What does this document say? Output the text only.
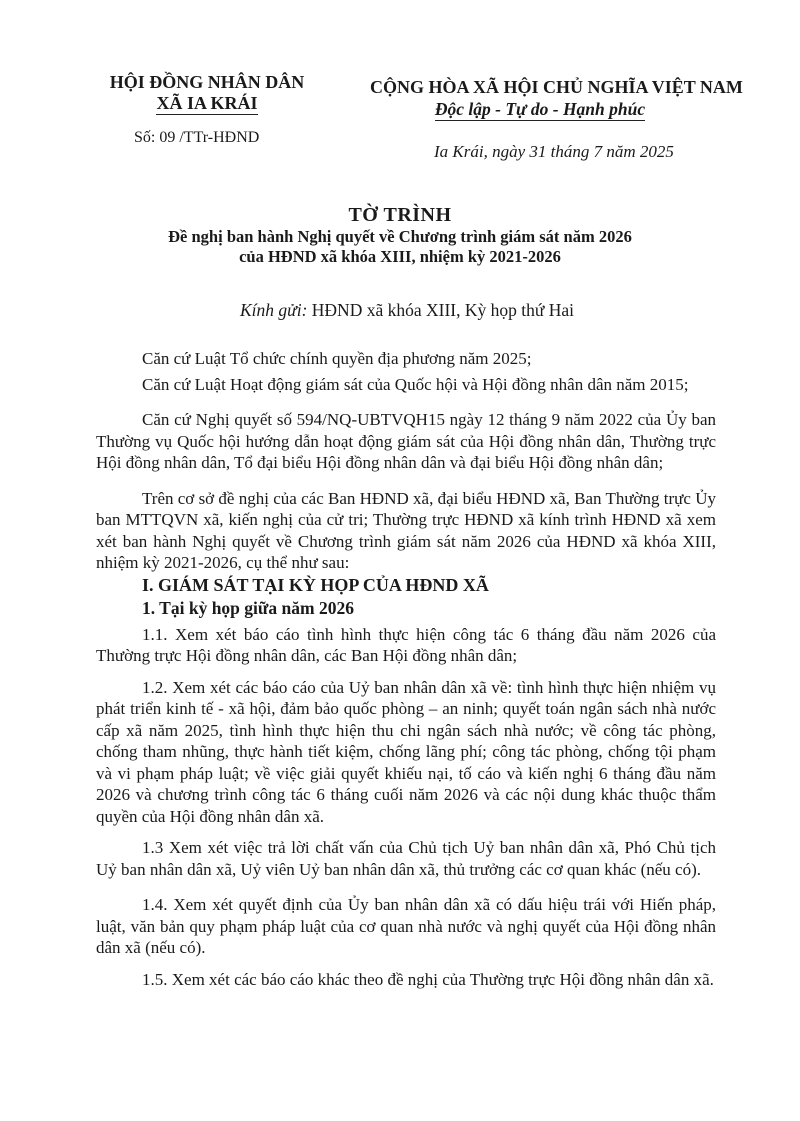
HỘI ĐỒNG NHÂN DÂN
XÃ IA KRÁI
Số: 09 /TTr-HĐND
CỘNG HÒA XÃ HỘI CHỦ NGHĨA VIỆT NAM
Độc lập - Tự do - Hạnh phúc
Ia Krái, ngày 31 tháng 7 năm 2025
TỜ TRÌNH
Đề nghị ban hành Nghị quyết về Chương trình giám sát năm 2026
của HĐND xã khóa XIII, nhiệm kỳ 2021-2026
Kính gửi: HĐND xã khóa XIII, Kỳ họp thứ Hai

Căn cứ Luật Tổ chức chính quyền địa phương năm 2025;

Căn cứ Luật Hoạt động giám sát của Quốc hội và Hội đồng nhân dân năm 2015;

Căn cứ Nghị quyết số 594/NQ-UBTVQH15 ngày 12 tháng 9 năm 2022 của Ủy ban Thường vụ Quốc hội hướng dẫn hoạt động giám sát của Hội đồng nhân dân, Thường trực Hội đồng nhân dân, Tổ đại biểu Hội đồng nhân dân và đại biểu Hội đồng nhân dân;

Trên cơ sở đề nghị của các Ban HĐND xã, đại biểu HĐND xã, Ban Thường trực Ủy ban MTTQVN xã, kiến nghị của cử tri; Thường trực HĐND xã kính trình HĐND xã xem xét ban hành Nghị quyết về Chương trình giám sát năm 2026 của HĐND xã khóa XIII, nhiệm kỳ 2021-2026, cụ thể như sau:

I. GIÁM SÁT TẠI KỲ HỌP CỦA HĐND XÃ

1. Tại kỳ họp giữa năm 2026

1.1. Xem xét báo cáo tình hình thực hiện công tác 6 tháng đầu năm 2026 của Thường trực Hội đồng nhân dân, các Ban Hội đồng nhân dân;

1.2. Xem xét các báo cáo của Uỷ ban nhân dân xã về: tình hình thực hiện nhiệm vụ phát triển kinh tế - xã hội, đảm bảo quốc phòng – an ninh; quyết toán ngân sách nhà nước cấp xã năm 2025, tình hình thực hiện thu chi ngân sách nhà nước; về công tác phòng, chống tham nhũng, thực hành tiết kiệm, chống lãng phí; công tác phòng, chống tội phạm và vi phạm pháp luật; về việc giải quyết khiếu nại, tố cáo và kiến nghị 6 tháng đầu năm 2026 và chương trình công tác 6 tháng cuối năm 2026 và các nội dung khác thuộc thẩm quyền của Hội đồng nhân dân xã.

1.3 Xem xét việc trả lời chất vấn của Chủ tịch Uỷ ban nhân dân xã, Phó Chủ tịch Uỷ ban nhân dân xã, Uỷ viên Uỷ ban nhân dân xã, thủ trưởng các cơ quan khác (nếu có).

1.4. Xem xét quyết định của Ủy ban nhân dân xã có dấu hiệu trái với Hiến pháp, luật, văn bản quy phạm pháp luật của cơ quan nhà nước và nghị quyết của Hội đồng nhân dân xã (nếu có).

1.5. Xem xét các báo cáo khác theo đề nghị của Thường trực Hội đồng nhân dân xã.
